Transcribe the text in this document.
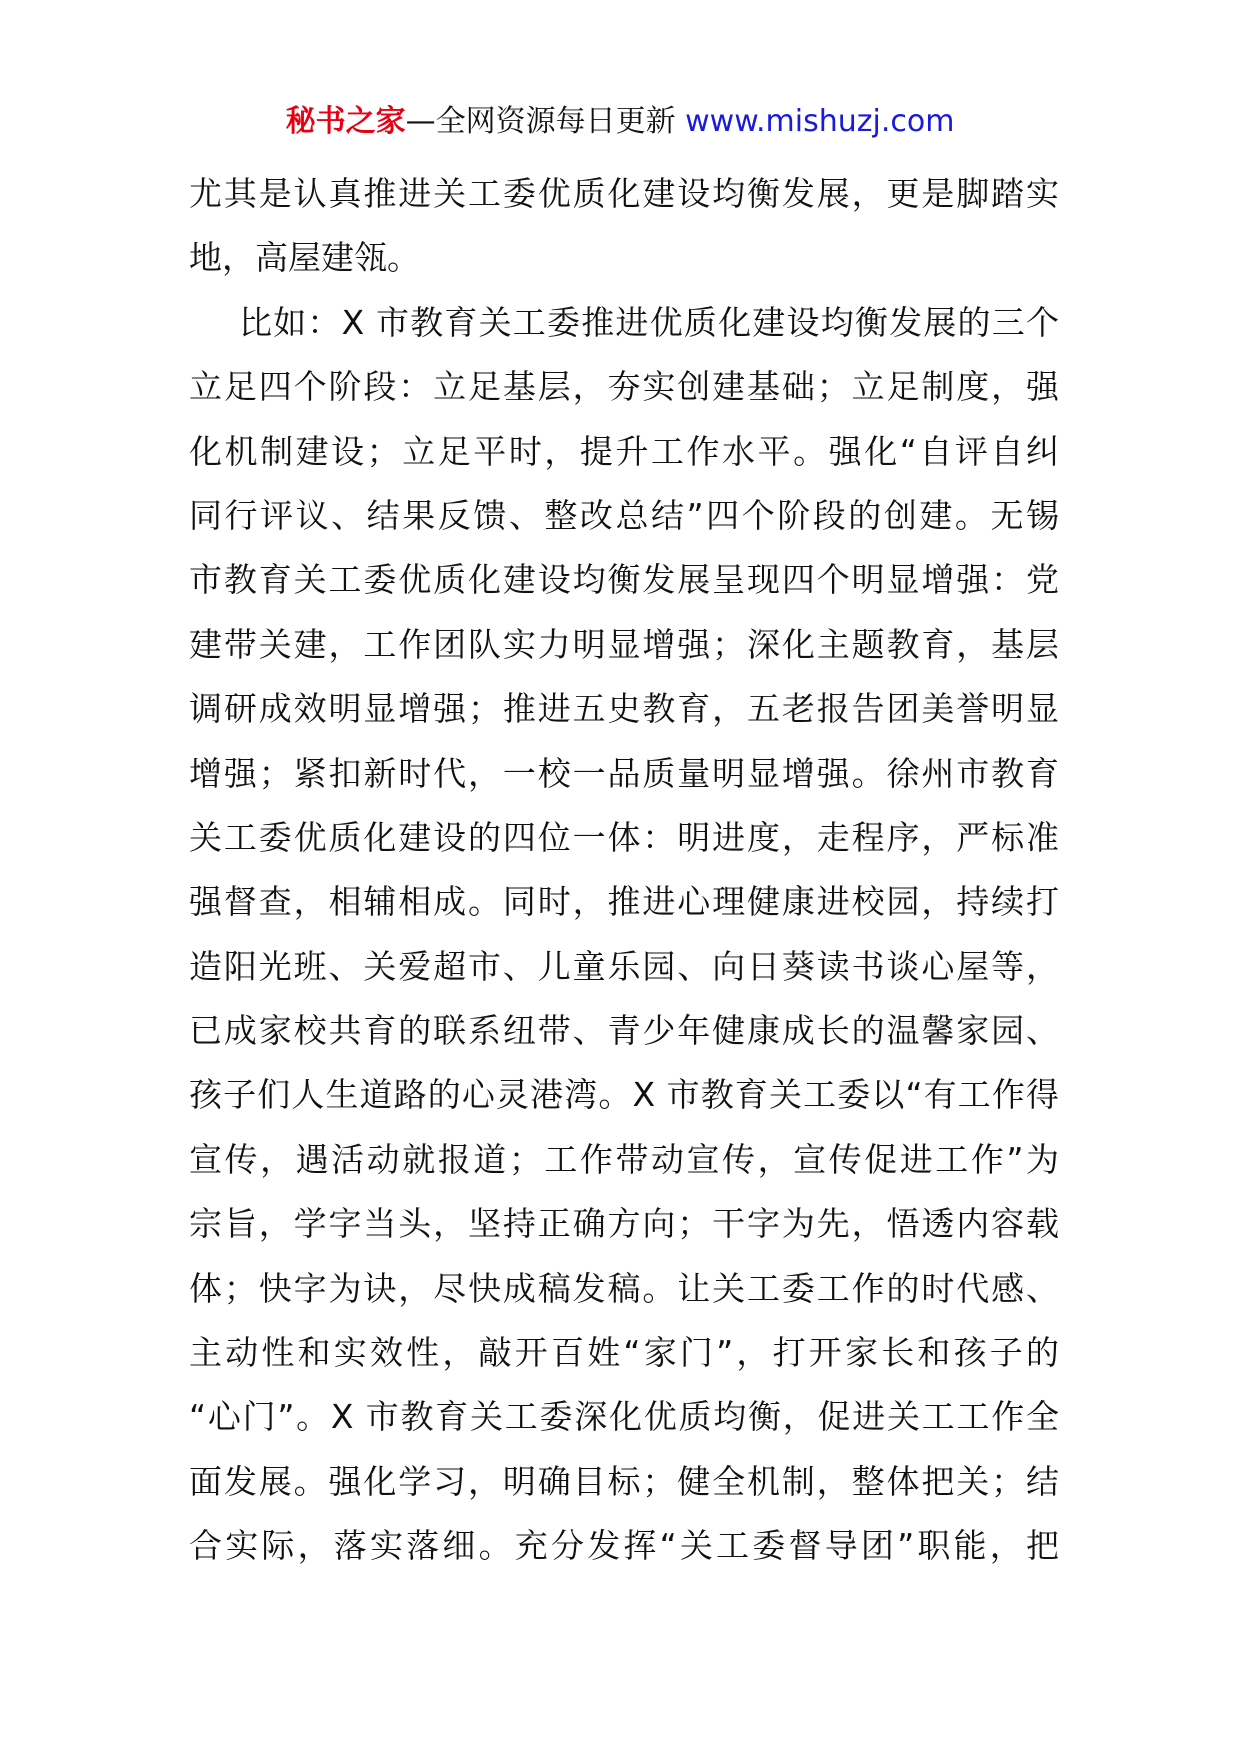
秘书之家—全网资源每日更新 www.mishuzj.com
尤其是认真推进关工委优质化建设均衡发展，更是脚踏实
地，高屋建瓴。
比如：X 市教育关工委推进优质化建设均衡发展的三个
立足四个阶段：立足基层，夯实创建基础；立足制度，强
化机制建设；立足平时，提升工作水平。强化“自评自纠
同行评议、结果反馈、整改总结”四个阶段的创建。无锡
市教育关工委优质化建设均衡发展呈现四个明显增强：党
建带关建，工作团队实力明显增强；深化主题教育，基层
调研成效明显增强；推进五史教育，五老报告团美誉明显
增强；紧扣新时代，一校一品质量明显增强。徐州市教育
关工委优质化建设的四位一体：明进度，走程序，严标准
强督查，相辅相成。同时，推进心理健康进校园，持续打
造阳光班、关爱超市、儿童乐园、向日葵读书谈心屋等，
已成家校共育的联系纽带、青少年健康成长的温馨家园、
孩子们人生道路的心灵港湾。X 市教育关工委以“有工作得
宣传，遇活动就报道；工作带动宣传，宣传促进工作”为
宗旨，学字当头，坚持正确方向；干字为先，悟透内容载
体；快字为诀，尽快成稿发稿。让关工委工作的时代感、
主动性和实效性，敲开百姓“家门”，打开家长和孩子的
“心门”。X 市教育关工委深化优质均衡，促进关工工作全
面发展。强化学习，明确目标；健全机制，整体把关；结
合实际，落实落细。充分发挥“关工委督导团”职能，把
